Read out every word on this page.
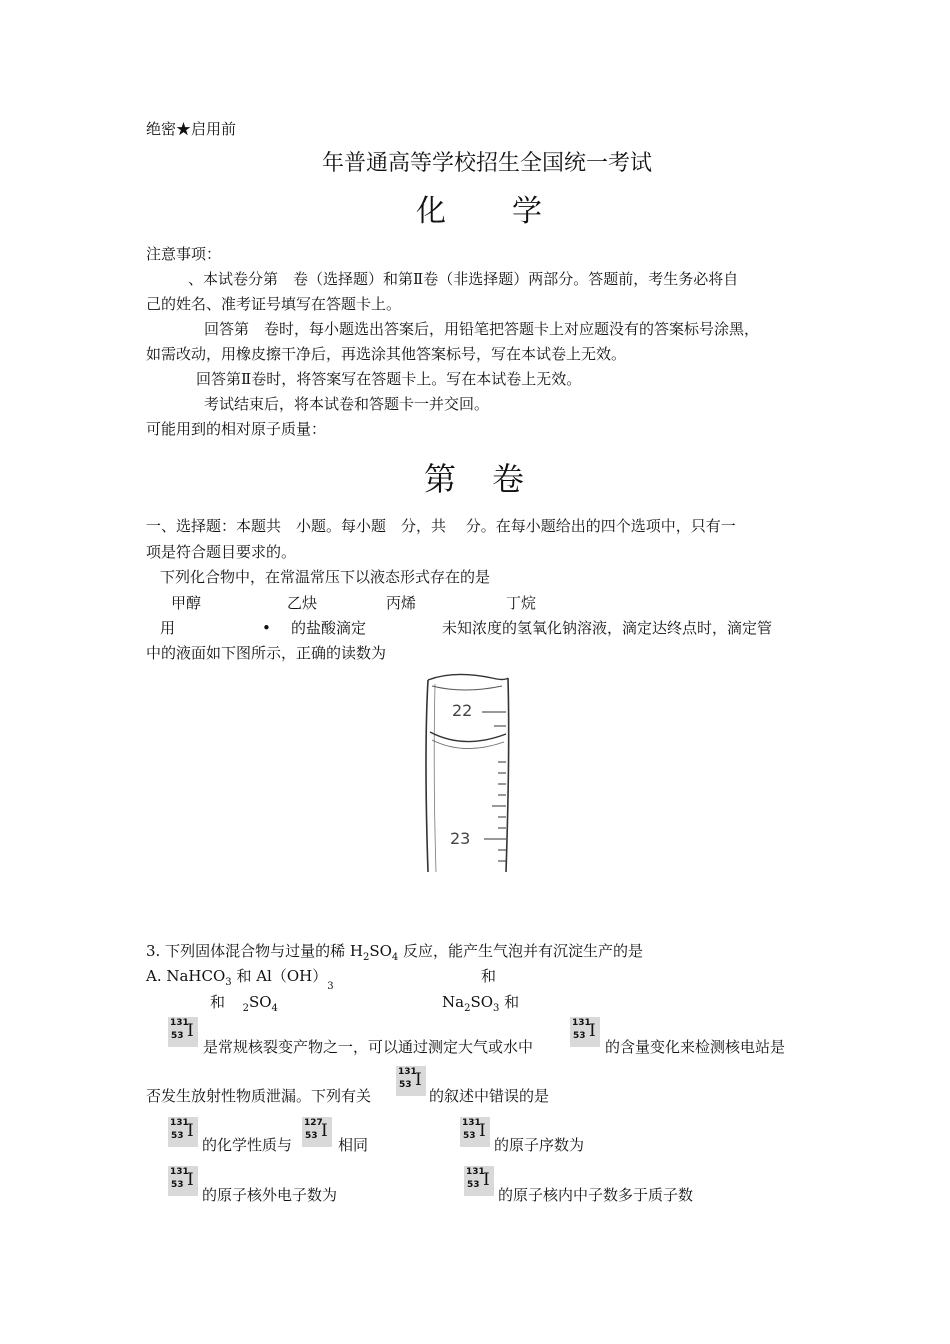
绝密★启用前
年普通高等学校招生全国统一考试
化　　学
注意事项：
、本试卷分第　卷（选择题）和第Ⅱ卷（非选择题）两部分。答题前，考生务必将自
己的姓名、准考证号填写在答题卡上。
回答第　卷时，每小题选出答案后，用铅笔把答题卡上对应题没有的答案标号涂黑，
如需改动，用橡皮擦干净后，再选涂其他答案标号，写在本试卷上无效。
回答第Ⅱ卷时，将答案写在答题卡上。写在本试卷上无效。
考试结束后，将本试卷和答题卡一并交回。
可能用到的相对原子质量：
第　卷
一、选择题：本题共　小题。每小题　分，共　 分。在每小题给出的四个选项中，只有一
项是符合题目要求的。
下列化合物中，在常温常压下以液态形式存在的是
甲醇	乙炔	丙烯	丁烷
用	• 的盐酸滴定	未知浓度的氢氧化钠溶液，滴定达终点时，滴定管
中的液面如下图所示，正确的读数为
22
23
3. 下列固体混合物与过量的稀 $H_2SO_4$ 反应，能产生气泡并有沉淀生产的是
A. NaHCO$_3$ 和 $Al(OH)_3$
和
和 $_2SO_4$	$Na_2SO_3$ 和
131
53 I
是常规核裂变产物之一，可以通过测定大气或水中
131
53 I
的含量变化来检测核电站是
否发生放射性物质泄漏。下列有关
131
53 I
的叙述中错误的是
131
53 I
的化学性质与
127
53 I
相同
131
53 I
的原子序数为
131
53 I
的原子核外电子数为
131
53 I
的原子核内中子数多于质子数
